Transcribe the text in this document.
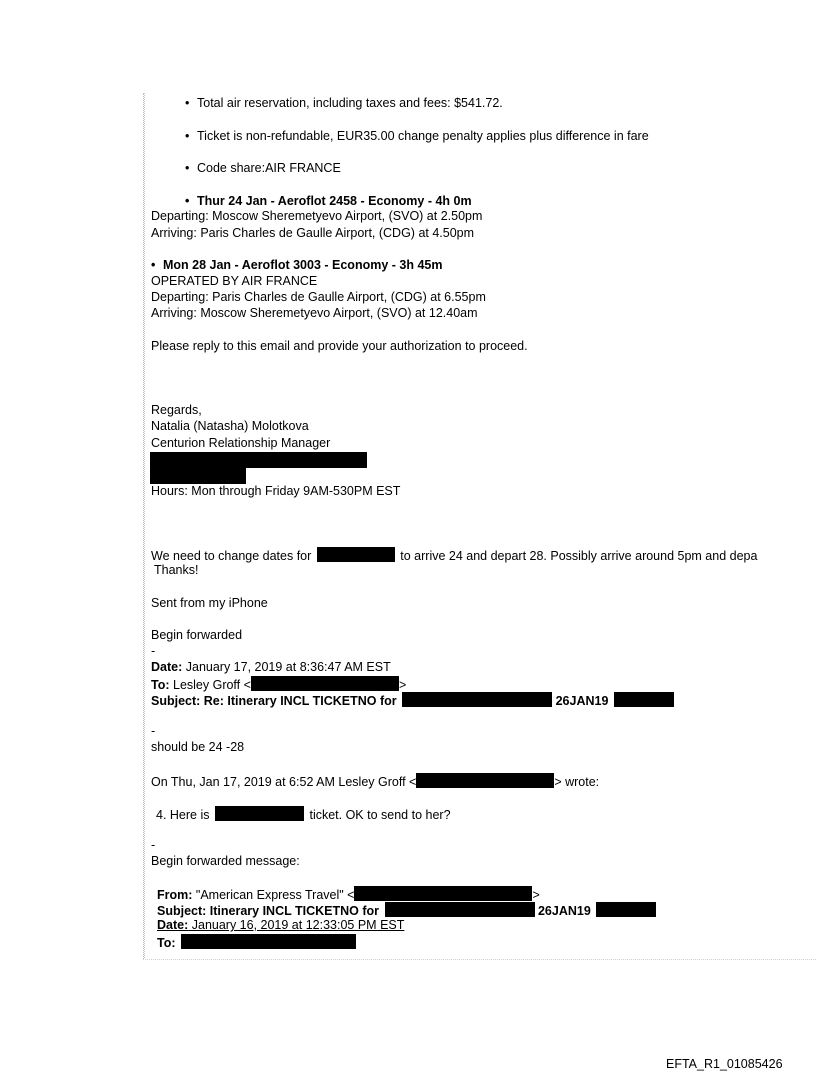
• Total air reservation, including taxes and fees: $541.72.
• Ticket is non-refundable, EUR35.00 change penalty applies plus difference in fare
• Code share:AIR FRANCE
• Thur 24 Jan - Aeroflot 2458 - Economy - 4h 0m
Departing: Moscow Sheremetyevo Airport, (SVO) at 2.50pm
Arriving: Paris Charles de Gaulle Airport, (CDG) at 4.50pm
• Mon 28 Jan - Aeroflot 3003 - Economy - 3h 45m
OPERATED BY AIR FRANCE
Departing: Paris Charles de Gaulle Airport, (CDG) at 6.55pm
Arriving: Moscow Sheremetyevo Airport, (SVO) at 12.40am
Please reply to this email and provide your authorization to proceed.
Regards,
Natalia (Natasha) Molotkova
Centurion Relationship Manager
Hours: Mon through Friday 9AM-530PM EST
We need to change dates for	to arrive 24 and depart 28. Possibly arrive around 5pm and depa
Thanks!
Sent from my iPhone
Begin forwarded
-
Date: January 17, 2019 at 8:36:47 AM EST
To: Lesley Groff <	>
Subject: Re: Itinerary INCL TICKETNO for	26JAN19
-
should be 24 -28
On Thu, Jan 17, 2019 at 6:52 AM Lesley Groff <	> wrote:
4. Here is	ticket. OK to send to her?
-
Begin forwarded message:
From: "American Express Travel" <	>
Subject: Itinerary INCL TICKETNO for	26JAN19
Date: January 16, 2019 at 12:33:05 PM EST
To:
EFTA_R1_01085426
